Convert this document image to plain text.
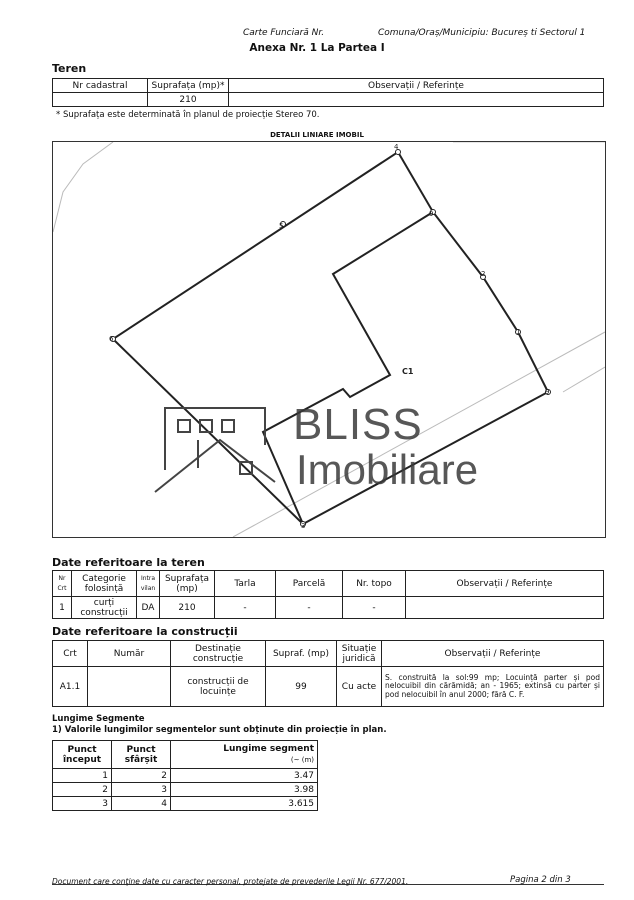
Carte Funciară Nr.	Comuna/Oraș/Municipiu: Bucureș ti Sectorul 1
Anexa Nr. 1 La Partea I
Teren
Nr cadastral	Suprafața (mp)*	Observații / Referințe
	210	
* Suprafața este determinată în planul de proiecție Stereo 70.
DETALII LINIARE IMOBIL
4
9
5
2
1
9
6
3
C1
BLISS
Imobiliare
Date referitoare la teren
Nr Crt	Categorie folosință	Intra vilan	Suprafața (mp)	Tarla	Parcelă	Nr. topo	Observații / Referințe
1	curți construcții	DA	210	-	-	-	
Date referitoare la construcții
Crt	Număr	Destinație construcție	Supraf. (mp)	Situație juridică	Observații / Referințe
A1.1		construcții de locuințe	99	Cu acte	S. construită la sol:99 mp; Locuință parter și pod nelocuibil din cărămidă; an - 1965; extinsă cu parter și pod nelocuibil în anul 2000; fără C. F.
Lungime Segmente
1) Valorile lungimilor segmentelor sunt obținute din proiecție în plan.
Punct început	Punct sfârșit	Lungime segment
(~ (m)
1	2	3.47
2	3	3.98
3	4	3.615
Document care conține date cu caracter personal, protejate de prevederile Legii Nr. 677/2001.	Pagina 2 din 3
